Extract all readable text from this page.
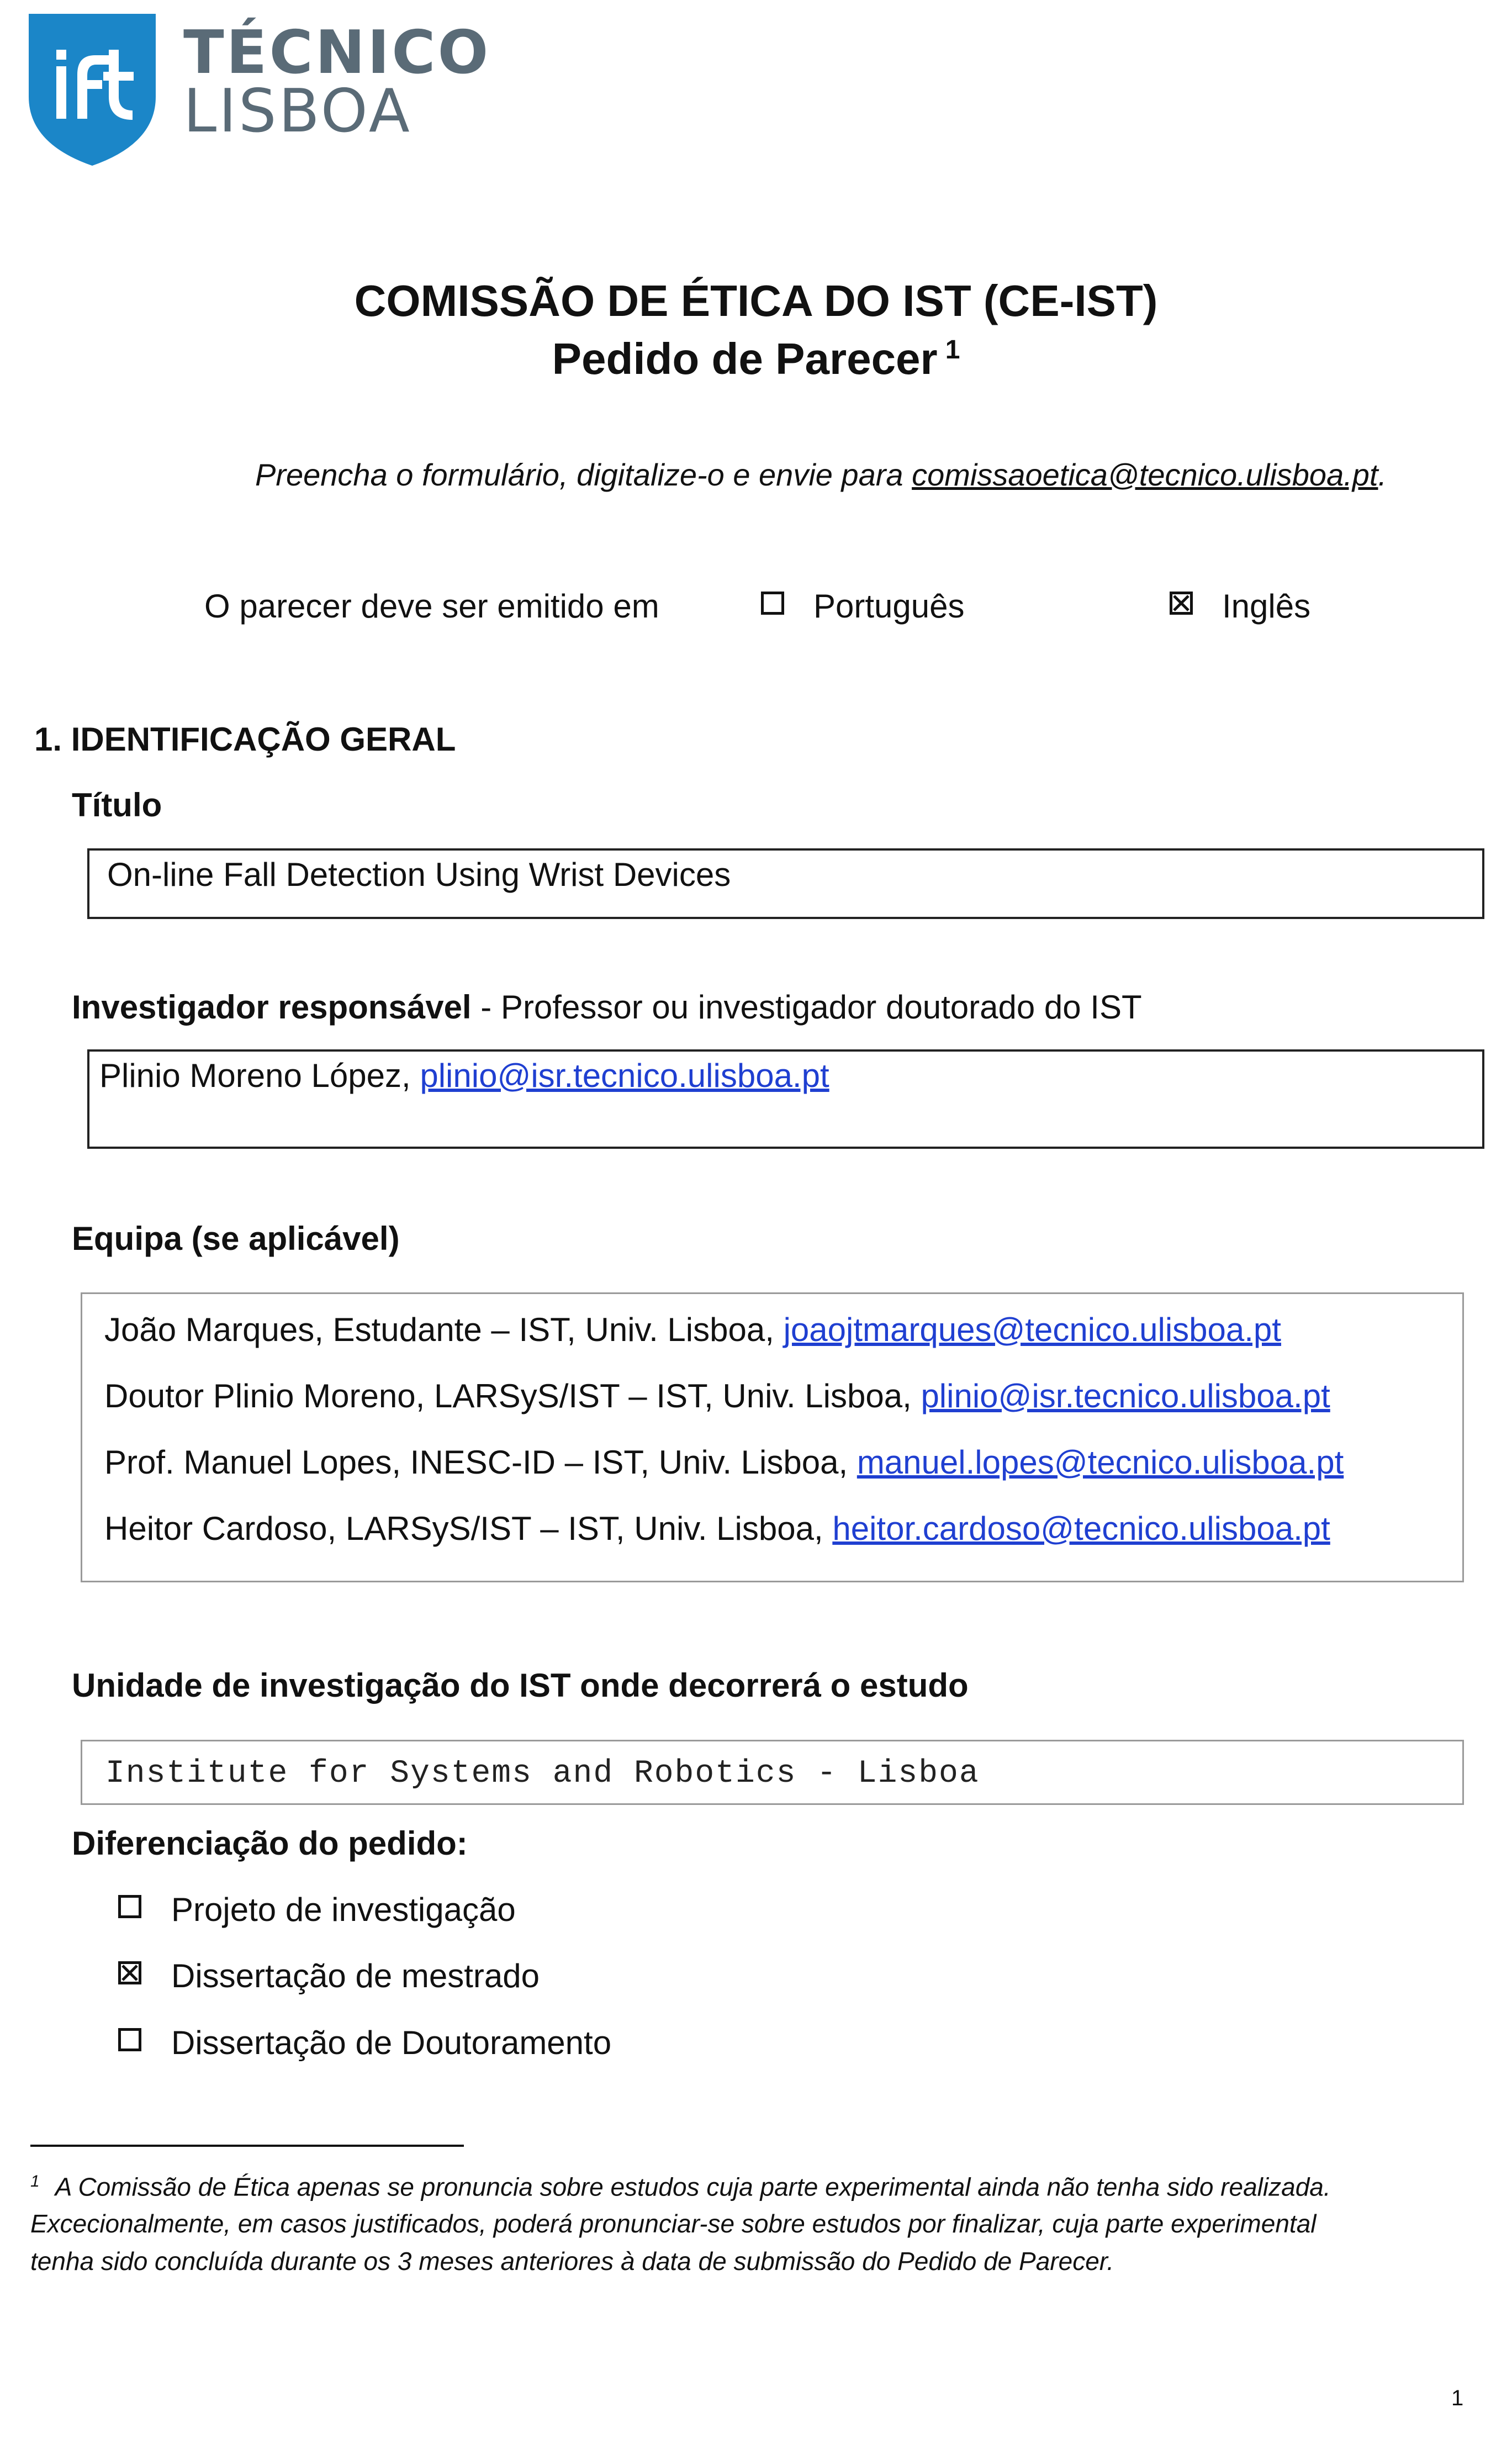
TÉCNICO
LISBOA
COMISSÃO DE ÉTICA DO IST (CE-IST)
Pedido de Parecer $^1$
Preencha o formulário, digitalize-o e envie para comissaoetica@tecnico.ulisboa.pt.
O parecer deve ser emitido em	Português	Inglês
1. IDENTIFICAÇÃO GERAL
Título
On-line Fall Detection Using Wrist Devices
Investigador responsável - Professor ou investigador doutorado do IST
Plinio Moreno López, plinio@isr.tecnico.ulisboa.pt
Equipa (se aplicável)
João Marques, Estudante – IST, Univ. Lisboa, joaojtmarques@tecnico.ulisboa.pt
Doutor Plinio Moreno, LARSyS/IST – IST, Univ. Lisboa, plinio@isr.tecnico.ulisboa.pt
Prof. Manuel Lopes, INESC-ID – IST, Univ. Lisboa, manuel.lopes@tecnico.ulisboa.pt
Heitor Cardoso, LARSyS/IST – IST, Univ. Lisboa, heitor.cardoso@tecnico.ulisboa.pt
Unidade de investigação do IST onde decorrerá o estudo
Institute for Systems and Robotics - Lisboa
Diferenciação do pedido:
Projeto de investigação
Dissertação de mestrado
Dissertação de Doutoramento
$^1$ A Comissão de Ética apenas se pronuncia sobre estudos cuja parte experimental ainda não tenha sido realizada.
Excecionalmente, em casos justificados, poderá pronunciar-se sobre estudos por finalizar, cuja parte experimental
tenha sido concluída durante os 3 meses anteriores à data de submissão do Pedido de Parecer.
1
